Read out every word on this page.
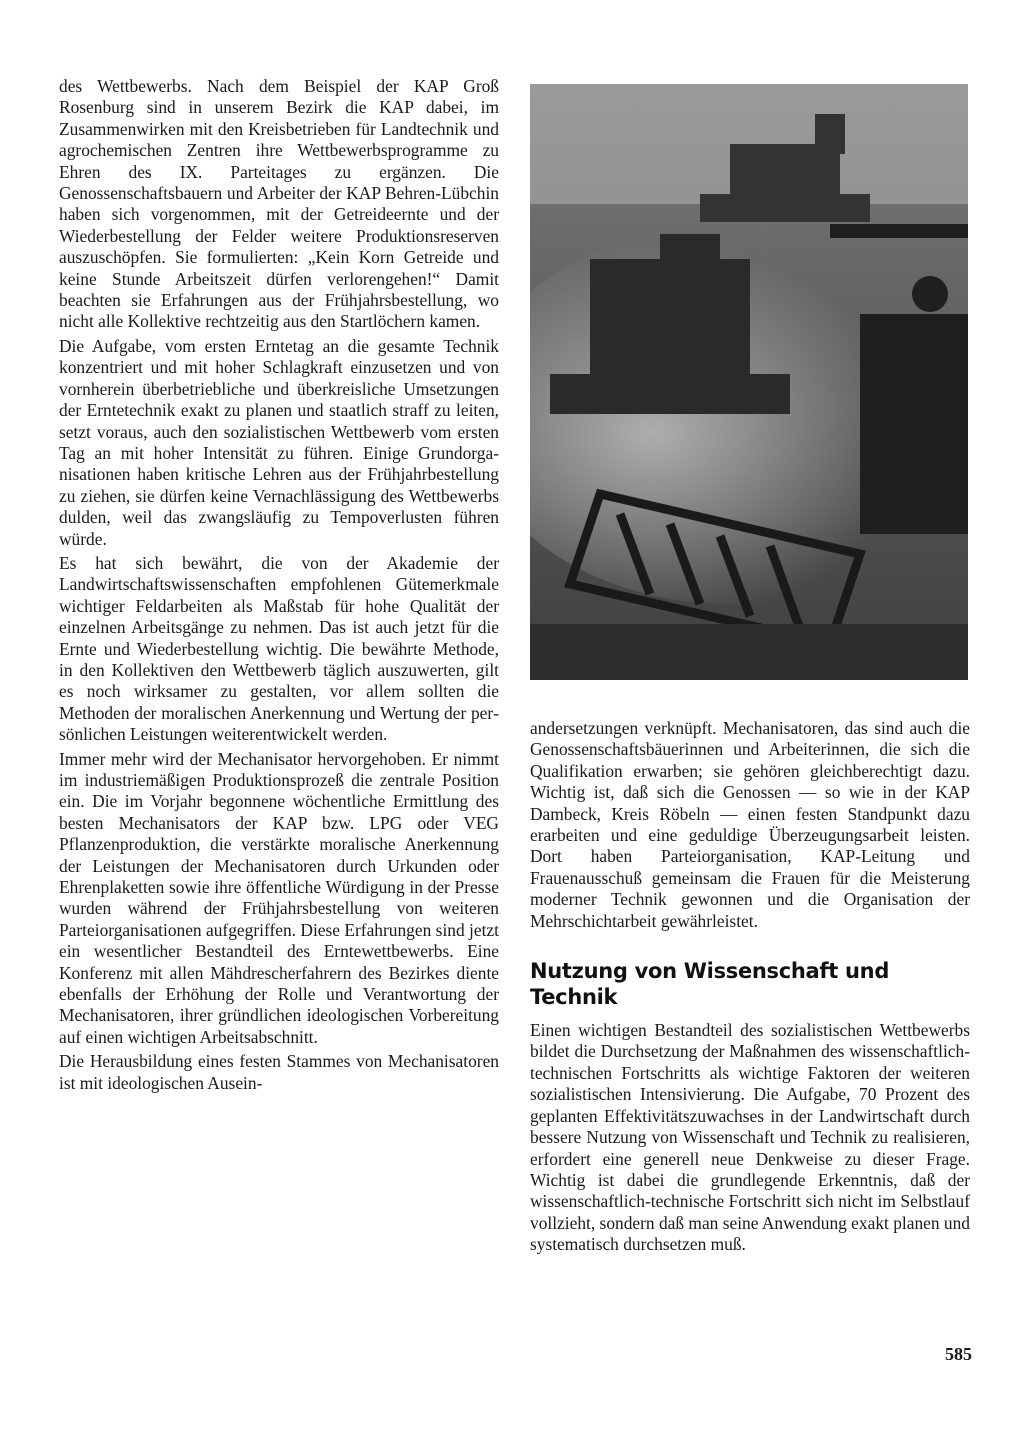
des Wettbewerbs. Nach dem Beispiel der KAP Groß Rosenburg sind in unserem Bezirk die KAP dabei, im Zusammenwirken mit den Kreisbetrieben für Landtechnik und agrochemischen Zentren ihre Wettbewerbsprogramme zu Ehren des IX. Parteitages zu ergänzen. Die Genossenschaftsbauern und Arbeiter der KAP Behren-Lübchin haben sich vorgenommen, mit der Getreideernte und der Wiederbestellung der Felder weitere Produktionsreserven auszuschöpfen. Sie formulierten: „Kein Korn Getreide und keine Stunde Arbeitszeit dürfen verlorengehen!“ Damit beachten sie Erfahrungen aus der Frühjahrsbestellung, wo nicht alle Kollektive rechtzeitig aus den Startlöchern kamen.

Die Aufgabe, vom ersten Erntetag an die gesamte Technik konzentriert und mit hoher Schlagkraft einzusetzen und von vornherein überbetriebliche und überkreisliche Umsetzungen der Erntetechnik exakt zu planen und staatlich straff zu leiten, setzt voraus, auch den sozialistischen Wettbewerb vom ersten Tag an mit hoher Intensität zu führen. Einige Grundorganisationen haben kritische Lehren aus der Frühjahrbestellung zu ziehen, sie dürfen keine Vernachlässigung des Wettbewerbs dulden, weil das zwangsläufig zu Tempoverlusten führen würde.

Es hat sich bewährt, die von der Akademie der Landwirtschaftswissenschaften empfohlenen Gütemerkmale wichtiger Feldarbeiten als Maßstab für hohe Qualität der einzelnen Arbeitsgänge zu nehmen. Das ist auch jetzt für die Ernte und Wiederbestellung wichtig. Die bewährte Methode, in den Kollektiven den Wettbewerb täglich auszuwerten, gilt es noch wirksamer zu gestalten, vor allem sollten die Methoden der moralischen Anerkennung und Wertung der persönlichen Leistungen weiterentwickelt werden.

Immer mehr wird der Mechanisator hervorgehoben. Er nimmt im industriemäßigen Produktionsprozeß die zentrale Position ein. Die im Vorjahr begonnene wöchentliche Ermittlung des besten Mechanisators der KAP bzw. LPG oder VEG Pflanzenproduktion, die verstärkte moralische Anerkennung der Leistungen der Mechanisatoren durch Urkunden oder Ehrenplaketten sowie ihre öffentliche Würdigung in der Presse wurden während der Frühjahrsbestellung von weiteren Parteiorganisationen aufgegriffen. Diese Erfahrungen sind jetzt ein wesentlicher Bestandteil des Erntewettbewerbs. Eine Konferenz mit allen Mähdrescherfahrern des Bezirkes diente ebenfalls der Erhöhung der Rolle und Verantwortung der Mechanisatoren, ihrer gründlichen ideologischen Vorbereitung auf einen wichtigen Arbeitsabschnitt.

Die Herausbildung eines festen Stammes von Mechanisatoren ist mit ideologischen Ausein-

andersetzungen verknüpft. Mechanisatoren, das sind auch die Genossenschaftsbäuerinnen und Arbeiterinnen, die sich die Qualifikation erwarben; sie gehören gleichberechtigt dazu. Wichtig ist, daß sich die Genossen — so wie in der KAP Dambeck, Kreis Röbeln — einen festen Standpunkt dazu erarbeiten und eine geduldige Überzeugungsarbeit leisten. Dort haben Parteiorganisation, KAP-Leitung und Frauenausschuß gemeinsam die Frauen für die Meisterung moderner Technik gewonnen und die Organisation der Mehrschichtarbeit gewährleistet.

Nutzung von Wissenschaft und Technik

Einen wichtigen Bestandteil des sozialistischen Wettbewerbs bildet die Durchsetzung der Maßnahmen des wissenschaftlich-technischen Fortschritts als wichtige Faktoren der weiteren sozialistischen Intensivierung. Die Aufgabe, 70 Prozent des geplanten Effektivitätszuwachses in der Landwirtschaft durch bessere Nutzung von Wissenschaft und Technik zu realisieren, erfordert eine generell neue Denkweise zu dieser Frage. Wichtig ist dabei die grundlegende Erkenntnis, daß der wissenschaftlich-technische Fortschritt sich nicht im Selbstlauf vollzieht, sondern daß man seine Anwendung exakt planen und systematisch durchsetzen muß.

585
